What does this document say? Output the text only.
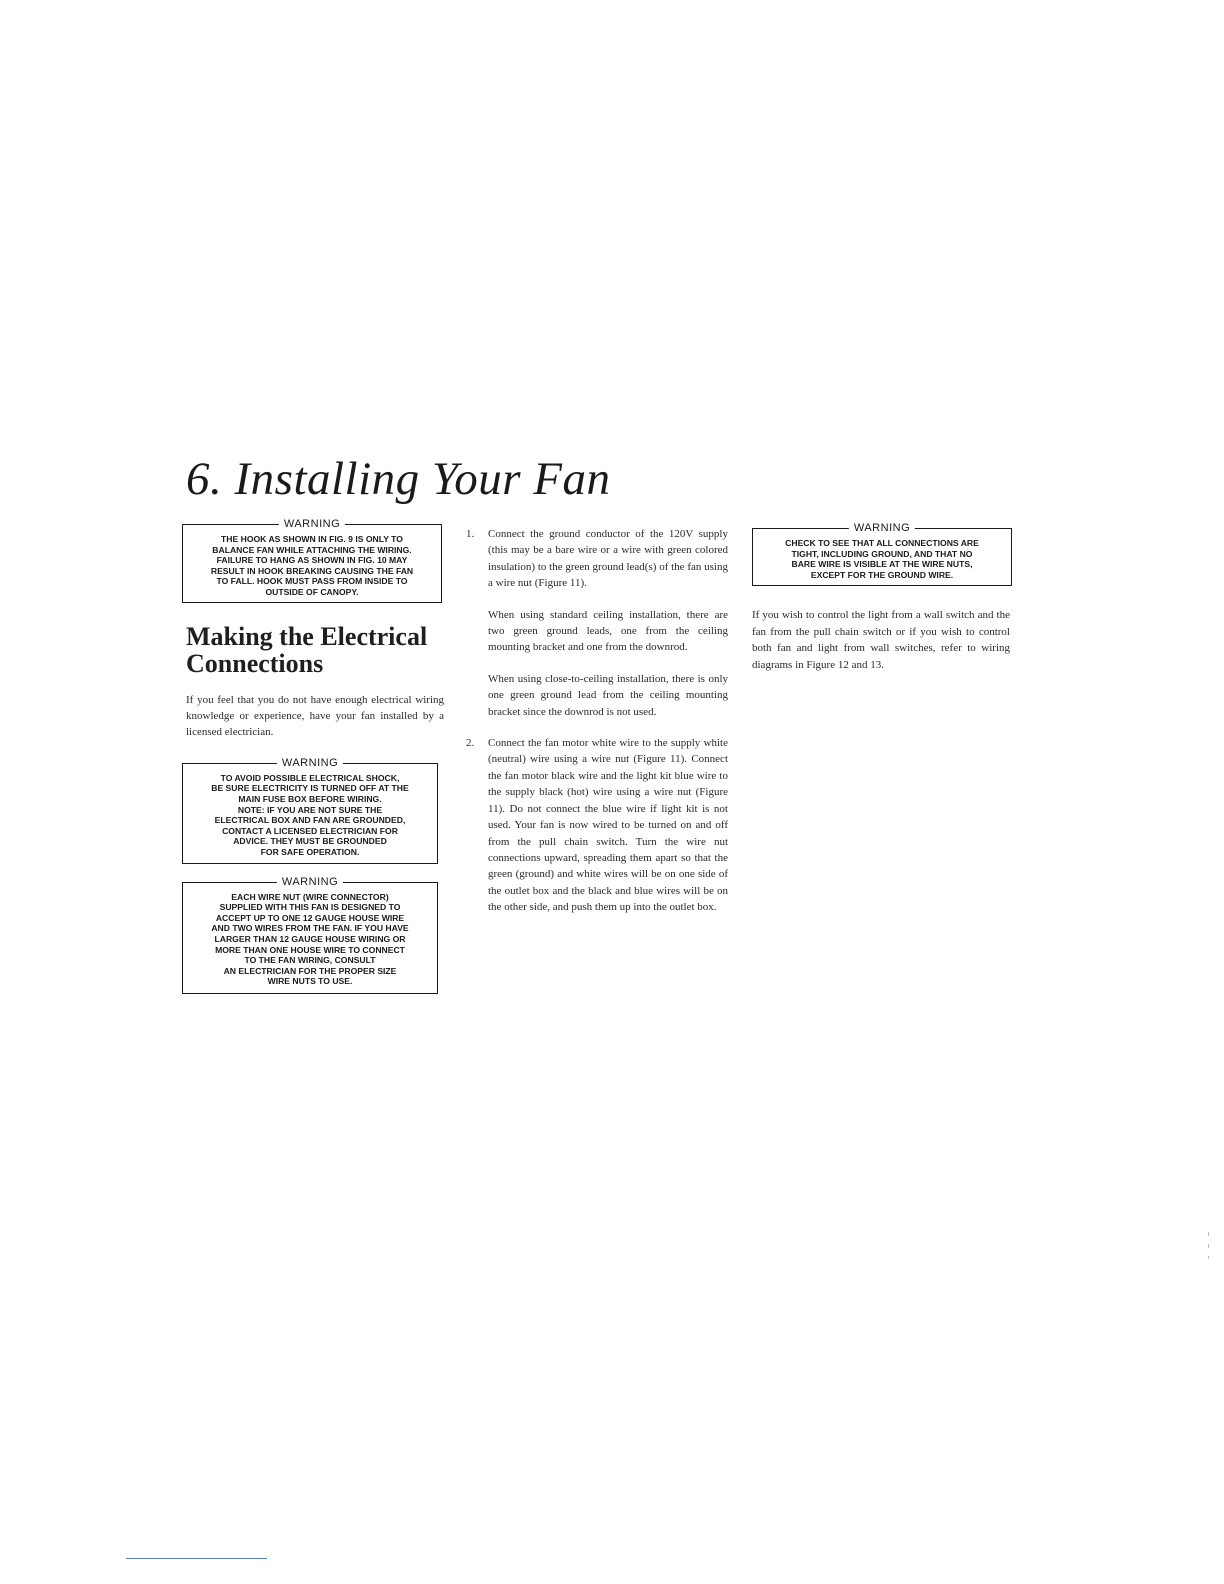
6. Installing Your Fan
WARNING
THE HOOK AS SHOWN IN FIG. 9 IS ONLY TO
BALANCE FAN WHILE ATTACHING THE WIRING.
FAILURE TO HANG AS SHOWN IN FIG. 10 MAY
RESULT IN HOOK BREAKING CAUSING THE FAN
TO FALL. HOOK MUST PASS FROM INSIDE TO
OUTSIDE OF CANOPY.
Making the Electrical Connections

If you feel that you do not have enough electrical wiring knowledge or experience, have your fan installed by a licensed electrician.

WARNING
TO AVOID POSSIBLE ELECTRICAL SHOCK,
BE SURE ELECTRICITY IS TURNED OFF AT THE
MAIN FUSE BOX BEFORE WIRING.
NOTE: IF YOU ARE NOT SURE THE
ELECTRICAL BOX AND FAN ARE GROUNDED,
CONTACT A LICENSED ELECTRICIAN FOR
ADVICE. THEY MUST BE GROUNDED
FOR SAFE OPERATION.
WARNING
EACH WIRE NUT (WIRE CONNECTOR)
SUPPLIED WITH THIS FAN IS DESIGNED TO
ACCEPT UP TO ONE 12 GAUGE HOUSE WIRE
AND TWO WIRES FROM THE FAN. IF YOU HAVE
LARGER THAN 12 GAUGE HOUSE WIRING OR
MORE THAN ONE HOUSE WIRE TO CONNECT
TO THE FAN WIRING, CONSULT
AN ELECTRICIAN FOR THE PROPER SIZE
WIRE NUTS TO USE.
1.	Connect the ground conductor of the 120V supply (this may be a bare wire or a wire with green colored insulation) to the green ground lead(s) of the fan using a wire nut (Figure 11).

When using standard ceiling installation, there are two green ground leads, one from the ceiling mounting bracket and one from the downrod.

When using close-to-ceiling installation, there is only one green ground lead from the ceiling mounting bracket since the downrod is not used.

2.	Connect the fan motor white wire to the supply white (neutral) wire using a wire nut (Figure 11). Connect the fan motor black wire and the light kit blue wire to the supply black (hot) wire using a wire nut (Figure 11). Do not connect the blue wire if light kit is not used. Your fan is now wired to be turned on and off from the pull chain switch. Turn the wire nut connections upward, spreading them apart so that the green (ground) and white wires will be on one side of the outlet box and the black and blue wires will be on the other side, and push them up into the outlet box.

WARNING
CHECK TO SEE THAT ALL CONNECTIONS ARE
TIGHT, INCLUDING GROUND, AND THAT NO
BARE WIRE IS VISIBLE AT THE WIRE NUTS,
EXCEPT FOR THE GROUND WIRE.

If you wish to control the light from a wall switch and the fan from the pull chain switch or if you wish to control both fan and light from wall switches, refer to wiring diagrams in Figure 12 and 13.
